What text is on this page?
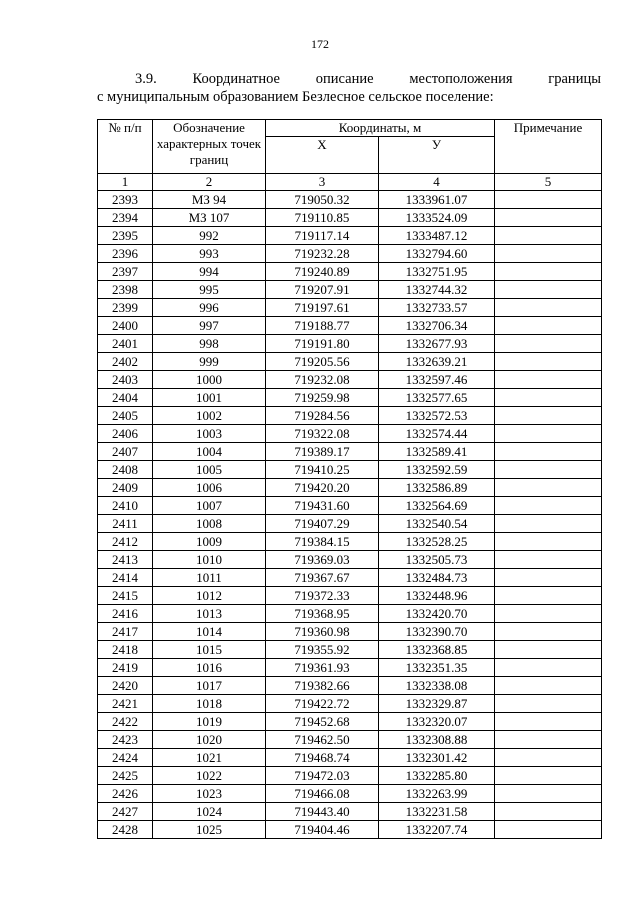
172
3.9. Координатное описание местоположения границы
с муниципальным образованием Безлесное сельское поселение:
№ п/п	Обозначение характерных точек границ	Координаты, м		Примечание
		Х	У	
1	2	3	4	5
2393	МЗ 94	719050.32	1333961.07	
2394	МЗ 107	719110.85	1333524.09	
2395	992	719117.14	1333487.12	
2396	993	719232.28	1332794.60	
2397	994	719240.89	1332751.95	
2398	995	719207.91	1332744.32	
2399	996	719197.61	1332733.57	
2400	997	719188.77	1332706.34	
2401	998	719191.80	1332677.93	
2402	999	719205.56	1332639.21	
2403	1000	719232.08	1332597.46	
2404	1001	719259.98	1332577.65	
2405	1002	719284.56	1332572.53	
2406	1003	719322.08	1332574.44	
2407	1004	719389.17	1332589.41	
2408	1005	719410.25	1332592.59	
2409	1006	719420.20	1332586.89	
2410	1007	719431.60	1332564.69	
2411	1008	719407.29	1332540.54	
2412	1009	719384.15	1332528.25	
2413	1010	719369.03	1332505.73	
2414	1011	719367.67	1332484.73	
2415	1012	719372.33	1332448.96	
2416	1013	719368.95	1332420.70	
2417	1014	719360.98	1332390.70	
2418	1015	719355.92	1332368.85	
2419	1016	719361.93	1332351.35	
2420	1017	719382.66	1332338.08	
2421	1018	719422.72	1332329.87	
2422	1019	719452.68	1332320.07	
2423	1020	719462.50	1332308.88	
2424	1021	719468.74	1332301.42	
2425	1022	719472.03	1332285.80	
2426	1023	719466.08	1332263.99	
2427	1024	719443.40	1332231.58	
2428	1025	719404.46	1332207.74	
